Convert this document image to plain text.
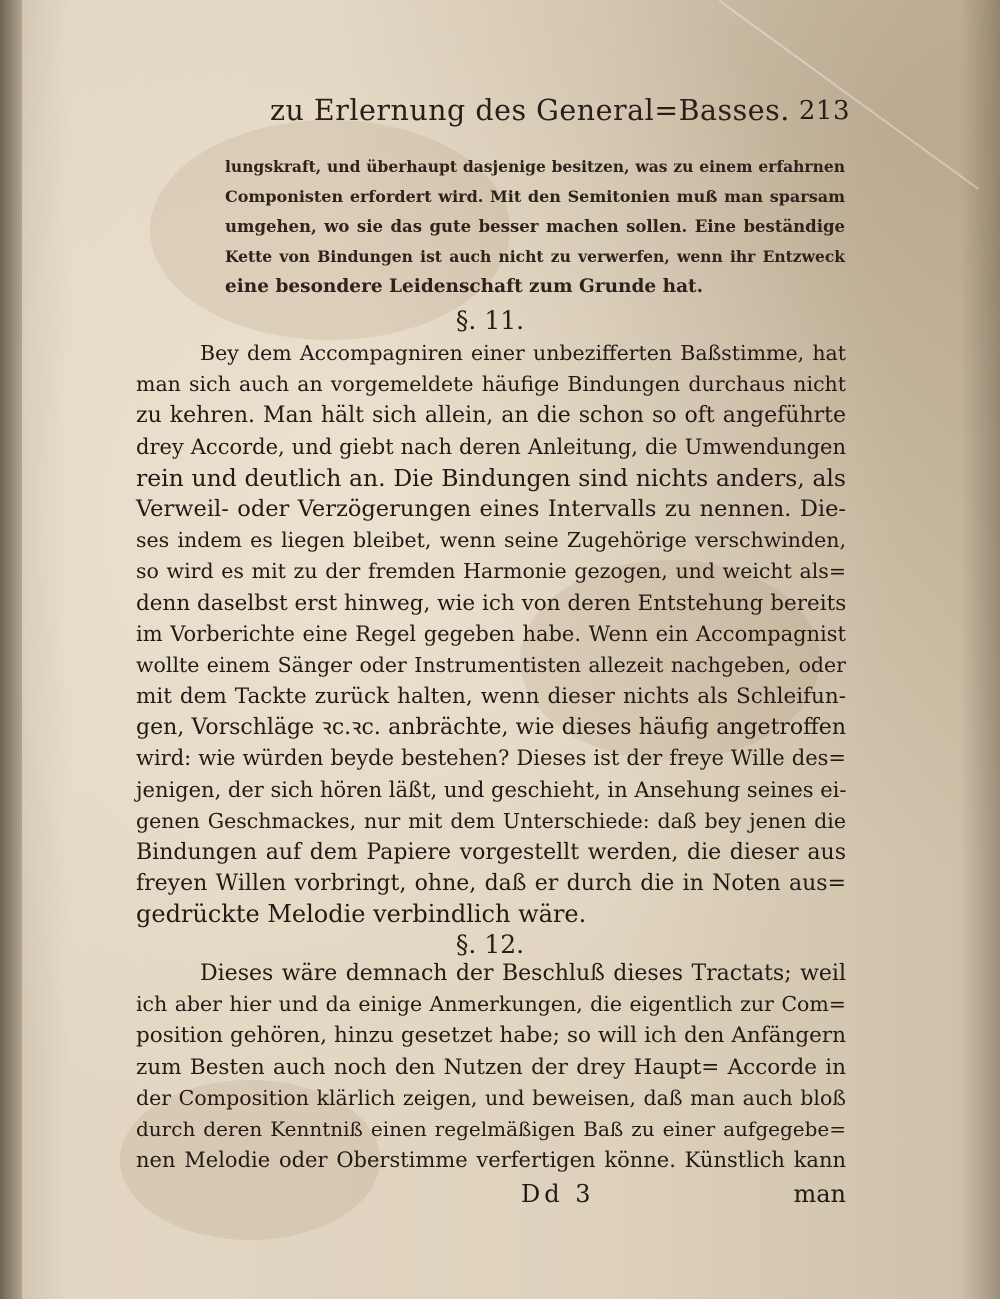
zu Erlernung des General=Basses. 213
lungskraft, und überhaupt dasjenige besitzen, was zu einem erfahrnen
Componisten erfordert wird. Mit den Semitonien muß man sparsam
umgehen, wo sie das gute besser machen sollen. Eine beständige
Kette von Bindungen ist auch nicht zu verwerfen, wenn ihr Entzweck
eine besondere Leidenschaft zum Grunde hat.
§. 11.
Bey dem Accompagniren einer unbezifferten Baßstimme, hat
man sich auch an vorgemeldete häufige Bindungen durchaus nicht
zu kehren. Man hält sich allein, an die schon so oft angeführte
drey Accorde, und giebt nach deren Anleitung, die Umwendungen
rein und deutlich an. Die Bindungen sind nichts anders, als
Verweil- oder Verzögerungen eines Intervalls zu nennen. Die-
ses indem es liegen bleibet, wenn seine Zugehörige verschwinden,
so wird es mit zu der fremden Harmonie gezogen, und weicht als=
denn daselbst erst hinweg, wie ich von deren Entstehung bereits
im Vorberichte eine Regel gegeben habe. Wenn ein Accompagnist
wollte einem Sänger oder Instrumentisten allezeit nachgeben, oder
mit dem Tackte zurück halten, wenn dieser nichts als Schleifun-
gen, Vorschläge ꝛc.ꝛc. anbrächte, wie dieses häufig angetroffen
wird: wie würden beyde bestehen? Dieses ist der freye Wille des=
jenigen, der sich hören läßt, und geschieht, in Ansehung seines ei-
genen Geschmackes, nur mit dem Unterschiede: daß bey jenen die
Bindungen auf dem Papiere vorgestellt werden, die dieser aus
freyen Willen vorbringt, ohne, daß er durch die in Noten aus=
gedrückte Melodie verbindlich wäre.
§. 12.
Dieses wäre demnach der Beschluß dieses Tractats; weil
ich aber hier und da einige Anmerkungen, die eigentlich zur Com=
position gehören, hinzu gesetzet habe; so will ich den Anfängern
zum Besten auch noch den Nutzen der drey Haupt= Accorde in
der Composition klärlich zeigen, und beweisen, daß man auch bloß
durch deren Kenntniß einen regelmäßigen Baß zu einer aufgegebe=
nen Melodie oder Oberstimme verfertigen könne. Künstlich kann
Dd 3	man
